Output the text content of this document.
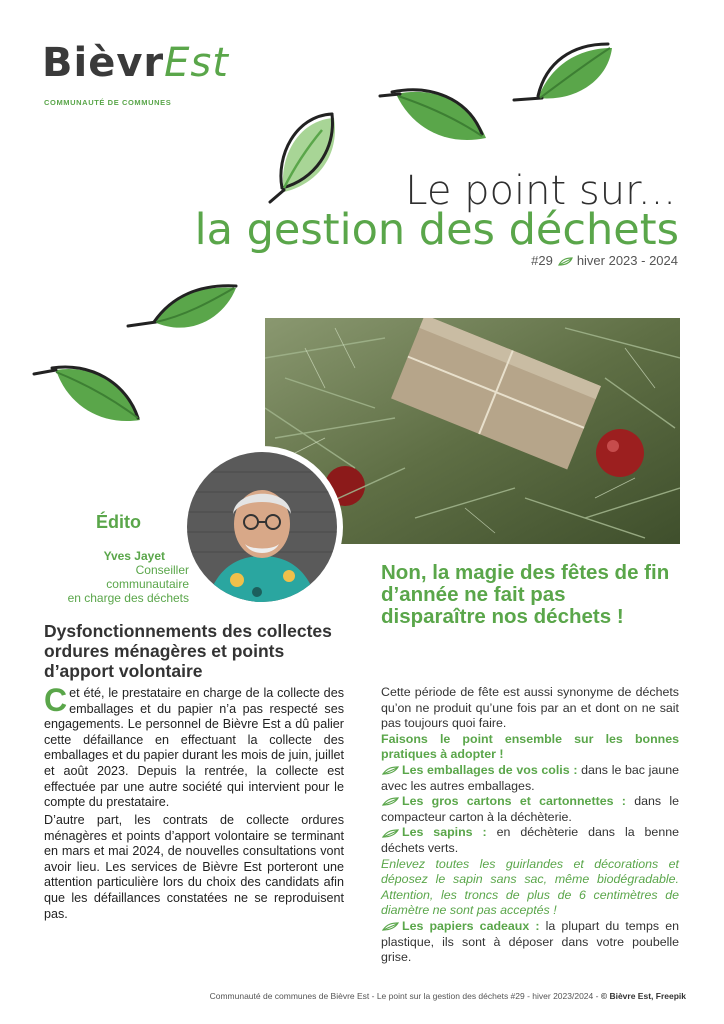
BièvrEst
COMMUNAUTÉ DE COMMUNES
Le point sur...
la gestion des déchets
#29 hiver 2023 - 2024
Édito
Yves Jayet
Conseiller
communautaire
en charge des déchets
Dysfonctionnements des collectes ordures ménagères et points d’apport volontaire
Cet été, le prestataire en charge de la collecte des emballages et du papier n’a pas respecté ses engagements. Le personnel de Bièvre Est a dû palier cette défaillance en effectuant la collecte des emballages et du papier durant les mois de juin, juillet et août 2023. Depuis la rentrée, la collecte est effectuée par une autre société qui intervient pour le compte du prestataire.
D’autre part, les contrats de collecte ordures ménagères et points d’apport volontaire se terminant en mars et mai 2024, de nouvelles consultations vont avoir lieu. Les services de Bièvre Est porteront une attention particulière lors du choix des candidats afin que les défaillances constatées ne se reproduisent pas.
Non, la magie des fêtes de fin d’année ne fait pas disparaître nos déchets !

Cette période de fête est aussi synonyme de déchets qu’on ne produit qu’une fois par an et dont on ne sait pas toujours quoi faire.

Faisons le point ensemble sur les bonnes pratiques à adopter !

Les emballages de vos colis : dans le bac jaune avec les autres emballages.

Les gros cartons et cartonnettes : dans le compacteur carton à la déchèterie.

Les sapins : en déchèterie dans la benne déchets verts.

Enlevez toutes les guirlandes et décorations et déposez le sapin sans sac, même biodégradable. Attention, les troncs de plus de 6 centimètres de diamètre ne sont pas acceptés !

Les papiers cadeaux : la plupart du temps en plastique, ils sont à déposer dans votre poubelle grise.

Communauté de communes de Bièvre Est - Le point sur la gestion des déchets #29 - hiver 2023/2024 - © Bièvre Est, Freepik
